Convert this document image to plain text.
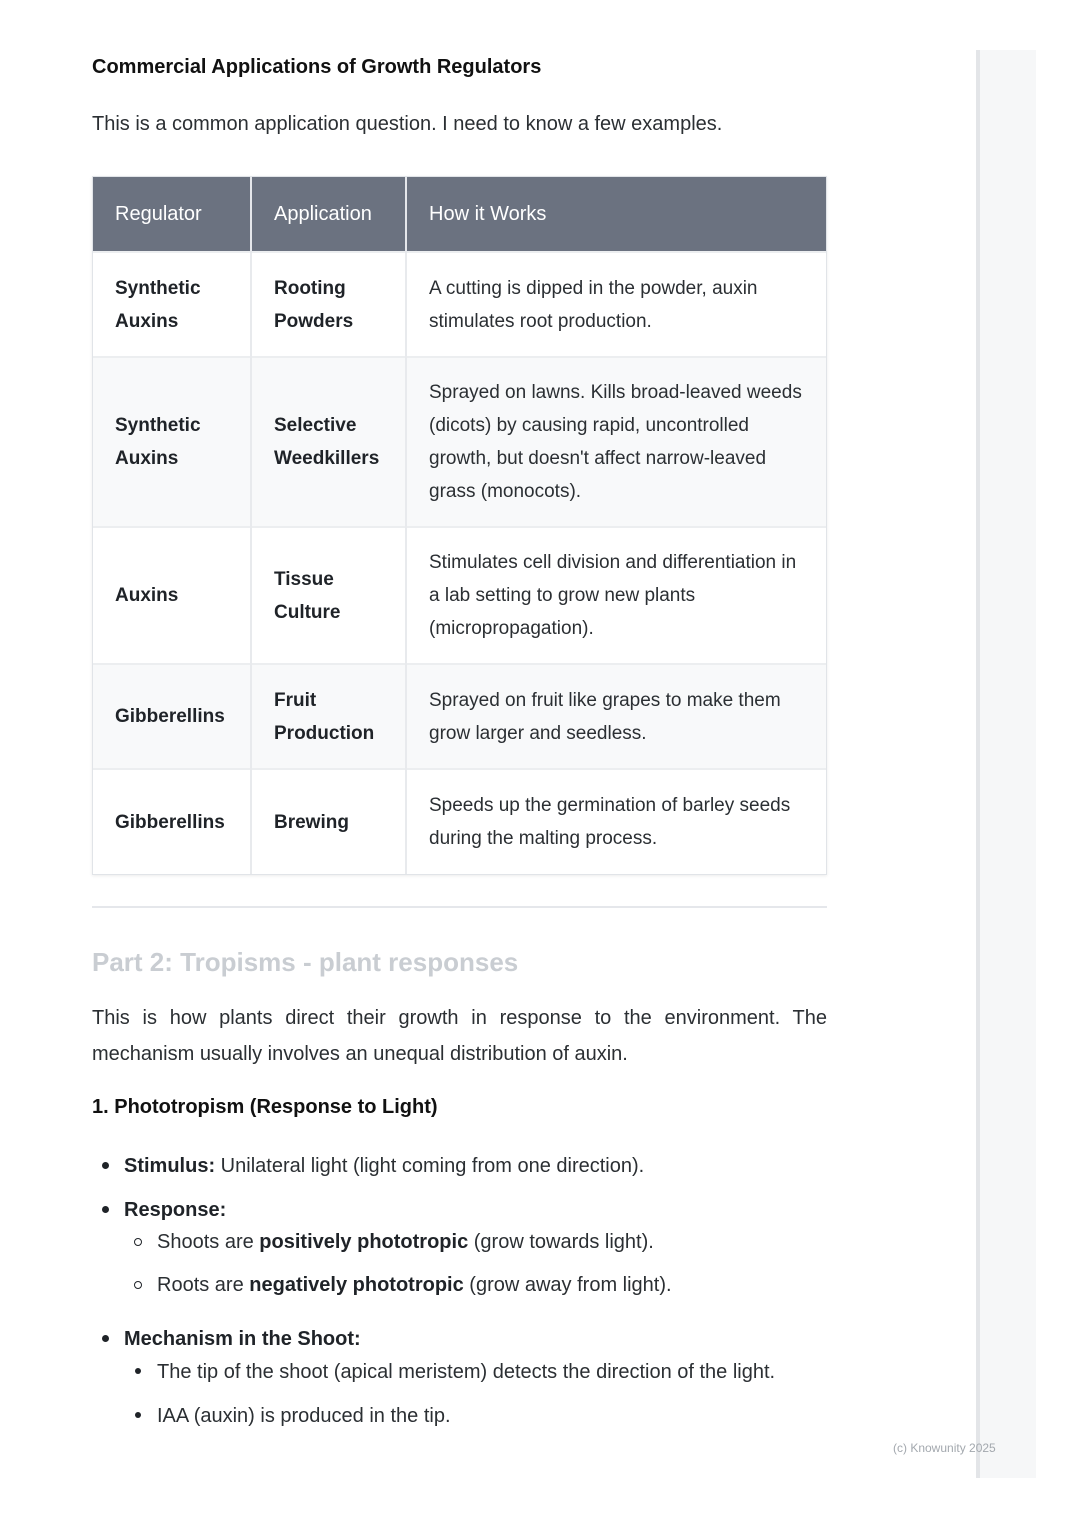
Commercial Applications of Growth Regulators
This is a common application question. I need to know a few examples.
Regulator	Application	How it Works
Synthetic Auxins	Rooting Powders	A cutting is dipped in the powder, auxin stimulates root production.
Synthetic Auxins	Selective Weedkillers	Sprayed on lawns. Kills broad-leaved weeds (dicots) by causing rapid, uncontrolled growth, but doesn't affect narrow-leaved grass (monocots).
Auxins	Tissue Culture	Stimulates cell division and differentiation in a lab setting to grow new plants (micropropagation).
Gibberellins	Fruit Production	Sprayed on fruit like grapes to make them grow larger and seedless.
Gibberellins	Brewing	Speeds up the germination of barley seeds during the malting process.
Part 2: Tropisms - plant responses
This is how plants direct their growth in response to the environment. The mechanism usually involves an unequal distribution of auxin.
1. Phototropism (Response to Light)
Stimulus: Unilateral light (light coming from one direction).
Response:
Shoots are positively phototropic (grow towards light).
Roots are negatively phototropic (grow away from light).
Mechanism in the Shoot:
The tip of the shoot (apical meristem) detects the direction of the light.
IAA (auxin) is produced in the tip.
(c) Knowunity 2025
